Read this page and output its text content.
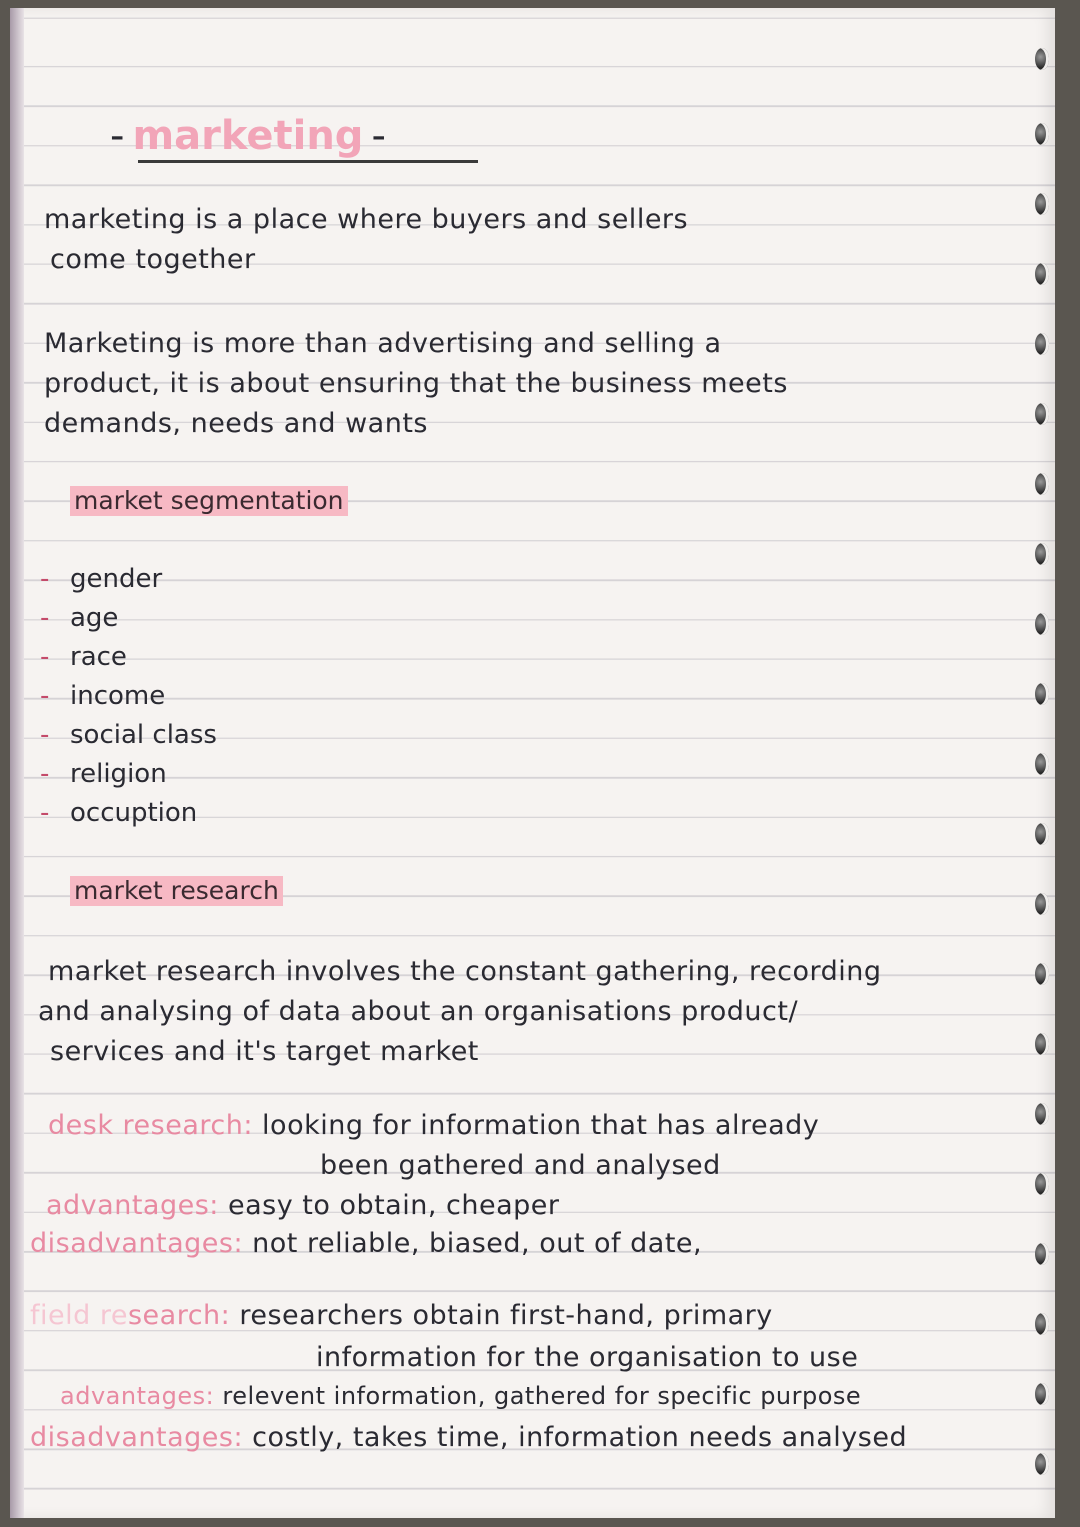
- marketing -
marketing is a place where buyers and sellers
come together
Marketing is more than advertising and selling a
product, it is about ensuring that the business meets
demands, needs and wants
market segmentation
- gender
- age
- race
- income
- social class
- religion
- occuption
market research
market research involves the constant gathering, recording
and analysing of data about an organisations product/
services and it's target market
desk research: looking for information that has already
been gathered and analysed
advantages: easy to obtain, cheaper
disadvantages: not reliable, biased, out of date,
field research: researchers obtain first-hand, primary
information for the organisation to use
advantages: relevent information, gathered for specific purpose
disadvantages: costly, takes time, information needs analysed
